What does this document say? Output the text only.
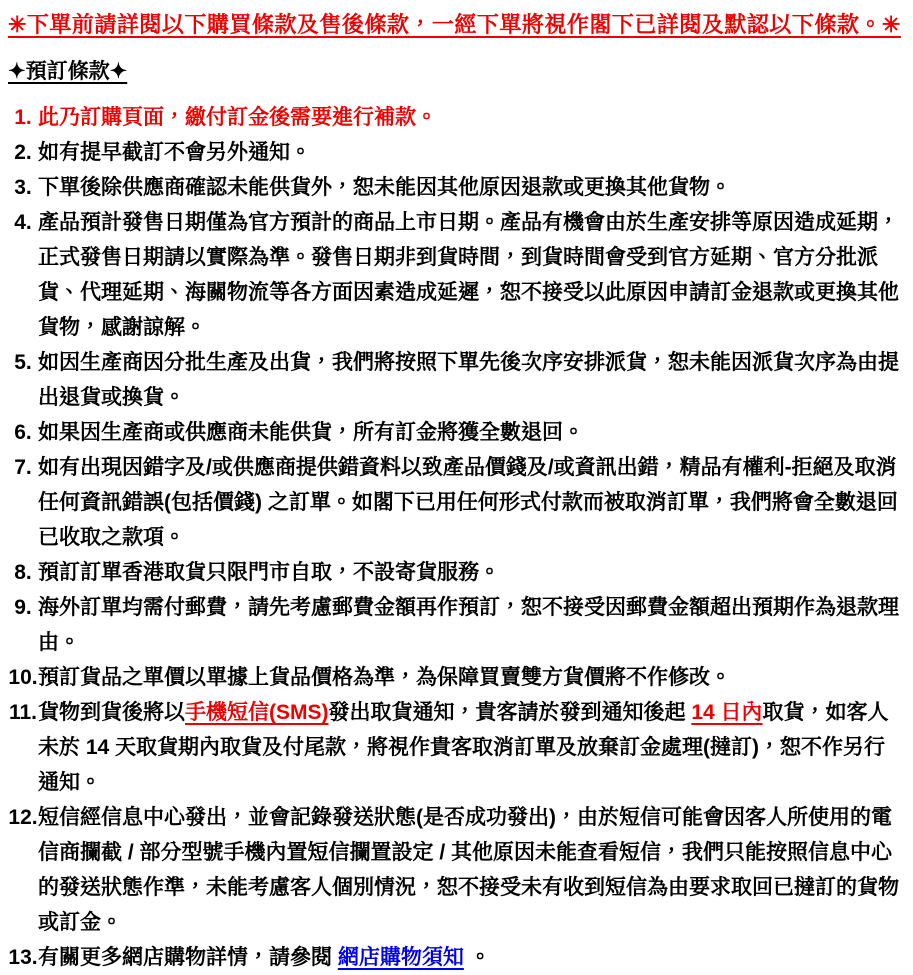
✳下單前請詳閱以下購買條款及售後條款，一經下單將視作閣下已詳閱及默認以下條款。✳

✦預訂條款✦

1. 此乃訂購頁面，繳付訂金後需要進行補款。
2. 如有提早截訂不會另外通知。
3. 下單後除供應商確認未能供貨外，恕未能因其他原因退款或更換其他貨物。
4. 產品預計發售日期僅為官方預計的商品上市日期。產品有機會由於生產安排等原因造成延期，正式發售日期請以實際為準。發售日期非到貨時間，到貨時間會受到官方延期、官方分批派貨、代理延期、海關物流等各方面因素造成延遲，恕不接受以此原因申請訂金退款或更換其他貨物，感謝諒解。
5. 如因生產商因分批生產及出貨，我們將按照下單先後次序安排派貨，恕未能因派貨次序為由提出退貨或換貨。
6. 如果因生產商或供應商未能供貨，所有訂金將獲全數退回。
7. 如有出現因錯字及/或供應商提供錯資料以致產品價錢及/或資訊出錯，精品有權利-拒絕及取消任何資訊錯誤(包括價錢) 之訂單。如閣下已用任何形式付款而被取消訂單，我們將會全數退回已收取之款項。
8. 預訂訂單香港取貨只限門市自取，不設寄貨服務。
9. 海外訂單均需付郵費，請先考慮郵費金額再作預訂，恕不接受因郵費金額超出預期作為退款理由。
10. 預訂貨品之單價以單據上貨品價格為準，為保障買賣雙方貨價將不作修改。
11. 貨物到貨後將以手機短信(SMS)發出取貨通知，貴客請於發到通知後起 14 日內取貨，如客人未於 14 天取貨期內取貨及付尾款，將視作貴客取消訂單及放棄訂金處理(撻訂)，恕不作另行通知。
12. 短信經信息中心發出，並會記錄發送狀態(是否成功發出)，由於短信可能會因客人所使用的電信商攔截 / 部分型號手機內置短信攔置設定 / 其他原因未能查看短信，我們只能按照信息中心的發送狀態作準，未能考慮客人個別情況，恕不接受未有收到短信為由要求取回已撻訂的貨物或訂金。
13. 有關更多網店購物詳情，請參閱 網店購物須知 。
